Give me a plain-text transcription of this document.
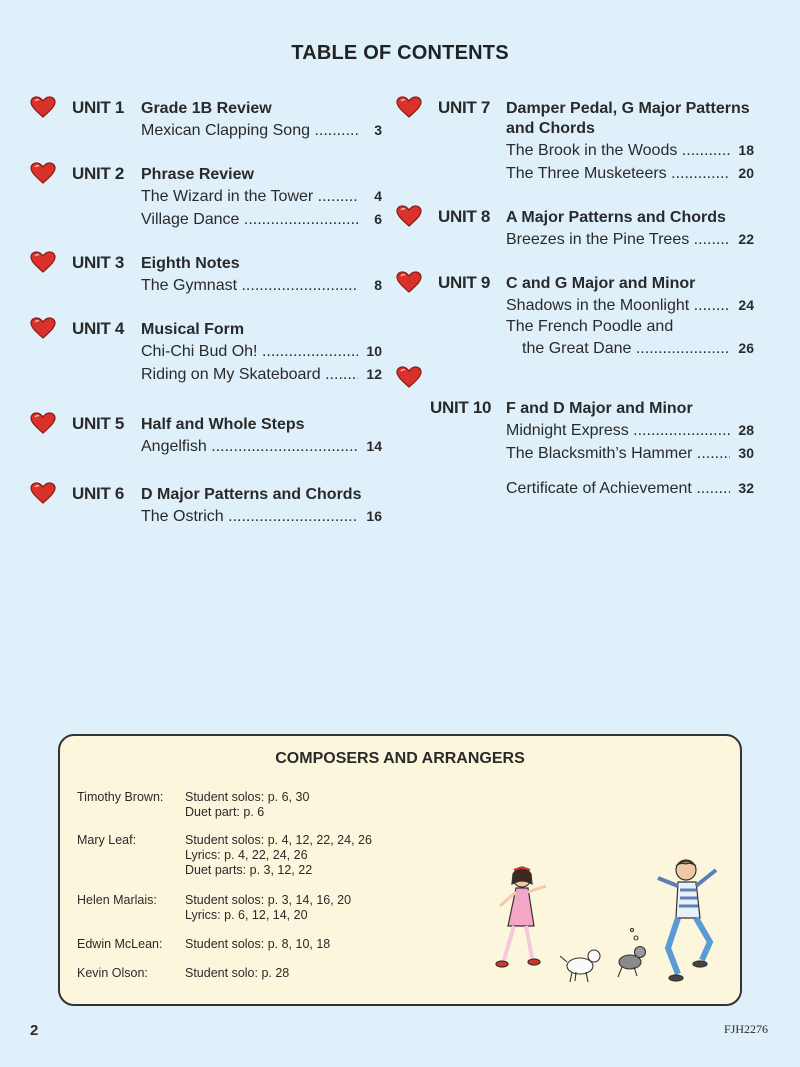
TABLE OF CONTENTS
UNIT 1 Grade 1B Review
Mexican Clapping Song .....	3
UNIT 2 Phrase Review
The Wizard in the Tower .....	4
Village Dance .....	6
UNIT 3 Eighth Notes
The Gymnast .....	8
UNIT 4 Musical Form
Chi-Chi Bud Oh! .....	10
Riding on My Skateboard .....	12
UNIT 5 Half and Whole Steps
Angelfish .....	14
UNIT 6 D Major Patterns and Chords
The Ostrich .....	16
UNIT 7 Damper Pedal, G Major Patterns
and Chords
The Brook in the Woods .....	18
The Three Musketeers .....	20
UNIT 8 A Major Patterns and Chords
Breezes in the Pine Trees .....	22
UNIT 9 C and G Major and Minor
Shadows in the Moonlight .....	24
The French Poodle and
the Great Dane .....	26
UNIT 10 F and D Major and Minor
Midnight Express .....	28
The Blacksmith’s Hammer .....	30
Certificate of Achievement .....	32
COMPOSERS AND ARRANGERS
Timothy Brown:	Student solos: p. 6, 30
Duet part: p. 6
Mary Leaf:	Student solos: p. 4, 12, 22, 24, 26
Lyrics: p. 4, 22, 24, 26
Duet parts: p. 3, 12, 22
Helen Marlais:	Student solos: p. 3, 14, 16, 20
Lyrics: p. 6, 12, 14, 20
Edwin McLean:	Student solos: p. 8, 10, 18
Kevin Olson:	Student solo: p. 28
2	FJH2276
